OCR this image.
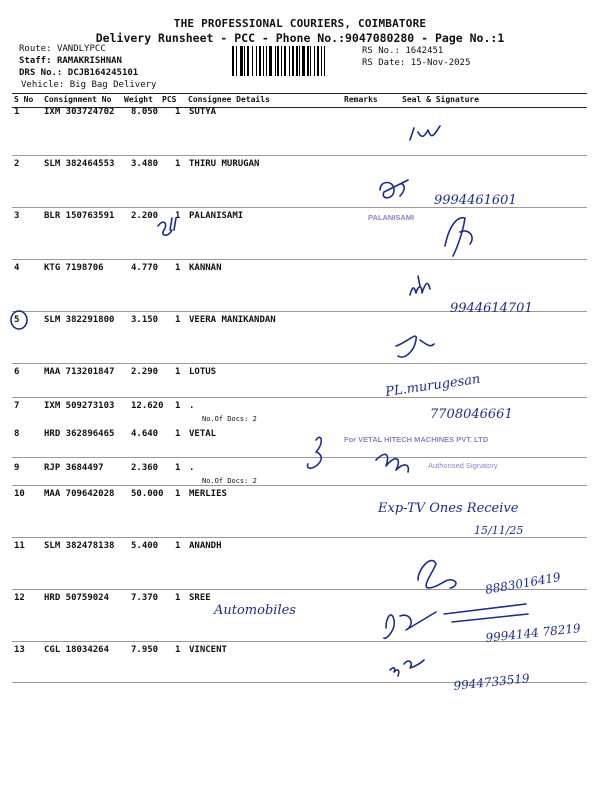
THE PROFESSIONAL COURIERS, COIMBATORE
Delivery Runsheet - PCC - Phone No.:9047080280 - Page No.:1
Route: VANDLYPCC
Staff: RAMAKRISHNAN
DRS No.: DCJB164245101
Vehicle: Big Bag Delivery
RS No.: 1642451
RS Date: 15-Nov-2025
S No Consignment No Weight PCS Consignee Details	Remarks	Seal & Signature
1	IXM 303724702 8.050 1 SUTYA
2	SLM 382464553 3.480 1 THIRU MURUGAN
3	BLR 150763591 2.200 1 PALANISAMI
4	KTG 7198706	4.770 1 KANNAN
5	SLM 382291800 3.150 1 VEERA MANIKANDAN
6	MAA 713201847 2.290 1 LOTUS
7	IXM 509273103 12.620 1 .
No.Of Docs: 2
8	HRD 362896465 4.640 1 VETAL
9	RJP 3684497	2.360 1 .
No.Of Docs: 2
10 MAA 709642028 50.000 1 MERLIES
11 SLM 382478138 5.400 1 ANANDH
12 HRD 50759024 7.370 1 SREE
13 CGL 18034264 7.950 1 VINCENT
9994461601
9944614701
PL.murugesan
7708046661
Exp-TV Ones Receive
15/11/25
8883016419
Automobiles
9994144 78219
9944733519
PALANISAMI
For VETAL HITECH MACHINES PVT. LTD
Authorised Signatory
